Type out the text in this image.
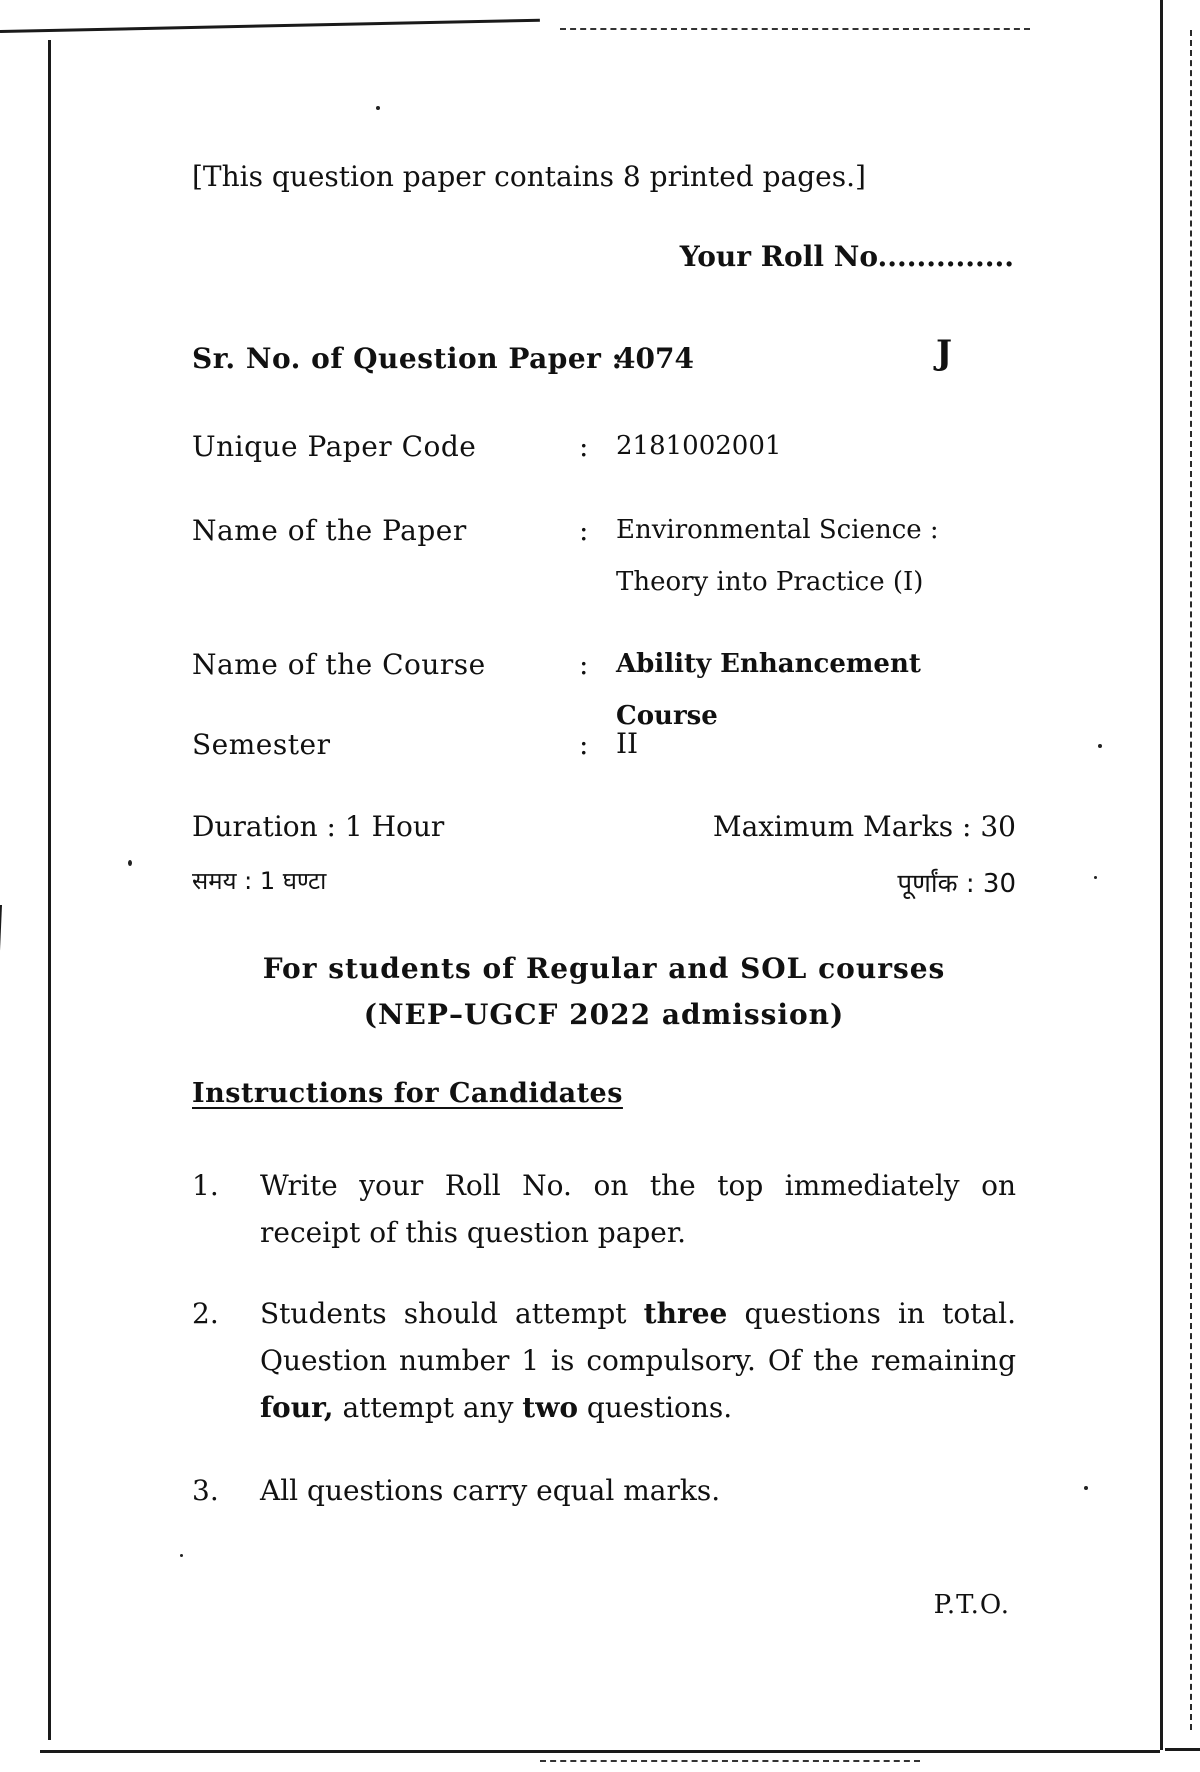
[This question paper contains 8 printed pages.]
Your Roll No..............
Sr. No. of Question Paper :
4074	J
Unique Paper Code	: 2181002001
Name of the Paper	: Environmental Science : Theory into Practice (I)
Name of the Course	: Ability Enhancement Course
Semester	: II
Duration : 1 Hour	Maximum Marks : 30
समय : 1 घण्टा	पूर्णांक : 30
For students of Regular and SOL courses
(NEP–UGCF 2022 admission)
Instructions for Candidates
1. Write your Roll No. on the top immediately on receipt of this question paper.
2. Students should attempt three questions in total. Question number 1 is compulsory. Of the remaining four, attempt any two questions.
3. All questions carry equal marks.
P.T.O.
